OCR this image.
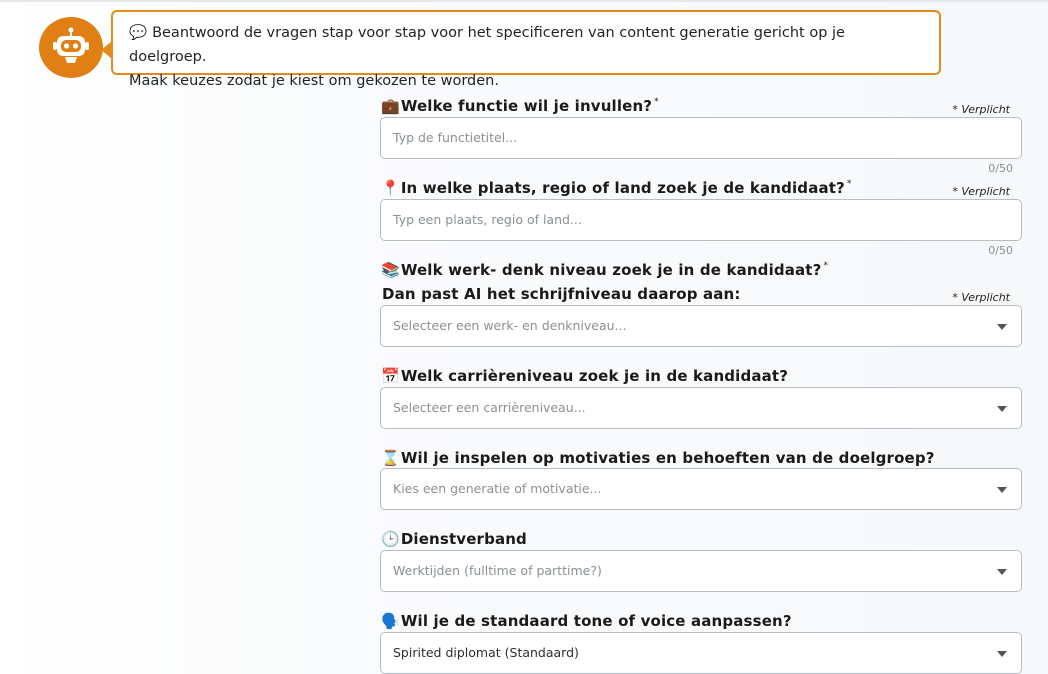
💬 Beantwoord de vragen stap voor stap voor het specificeren van content generatie gericht op je doelgroep.
Maak keuzes zodat je kiest om gekozen te worden.
💼Welke functie wil je invullen? *
* Verplicht
Typ de functietitel...
0/50
📍In welke plaats, regio of land zoek je de kandidaat? *
* Verplicht
Typ een plaats, regio of land...
0/50
📚Welk werk- denk niveau zoek je in de kandidaat? *
Dan past AI het schrijfniveau daarop aan:	* Verplicht
Selecteer een werk- en denkniveau...
📅Welk carrièreniveau zoek je in de kandidaat?
Selecteer een carrièreniveau...
⌛Wil je inspelen op motivaties en behoeften van de doelgroep?
Kies een generatie of motivatie...
🕒Dienstverband
Werktijden (fulltime of parttime?)
🗣️Wil je de standaard tone of voice aanpassen?
Spirited diplomat (Standaard)
